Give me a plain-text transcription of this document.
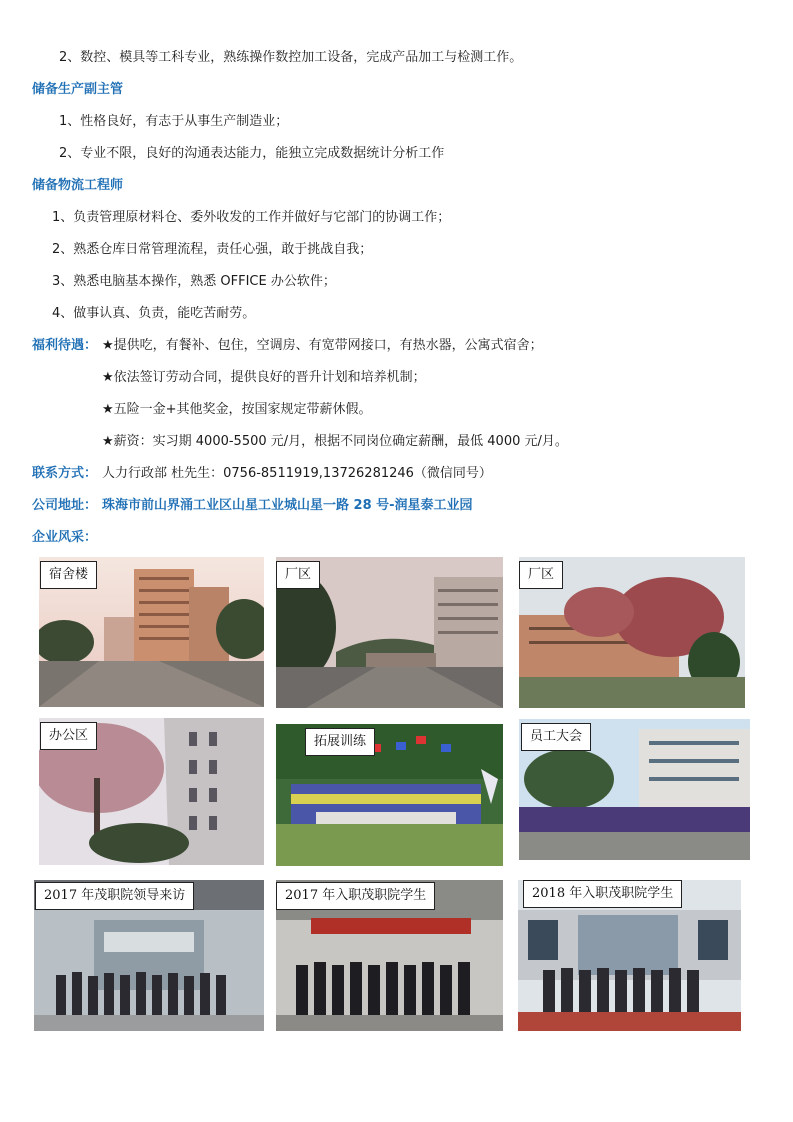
2、数控、模具等工科专业，熟练操作数控加工设备，完成产品加工与检测工作。
储备生产副主管
1、性格良好，有志于从事生产制造业；
2、专业不限，良好的沟通表达能力，能独立完成数据统计分析工作
储备物流工程师
1、负责管理原材料仓、委外收发的工作并做好与它部门的协调工作；
2、熟悉仓库日常管理流程，责任心强，敢于挑战自我；
3、熟悉电脑基本操作，熟悉 OFFICE 办公软件；
4、做事认真、负责，能吃苦耐劳。
福利待遇： ★提供吃，有餐补、包住，空调房、有宽带网接口，有热水器，公寓式宿舍；
★依法签订劳动合同，提供良好的晋升计划和培养机制；
★五险一金+其他奖金，按国家规定带薪休假。
★薪资：实习期 4000-5500 元/月，根据不同岗位确定薪酬，最低 4000 元/月。
联系方式： 人力行政部 杜先生：0756-8511919,13726281246（微信同号）
公司地址： 珠海市前山界涌工业区山星工业城山星一路 28 号-润星泰工业园
企业风采：
宿舍楼	厂区	厂区
办公区	拓展训练	员工大会
2017 年茂职院领导来访	2017 年入职茂职院学生	2018 年入职茂职院学生
